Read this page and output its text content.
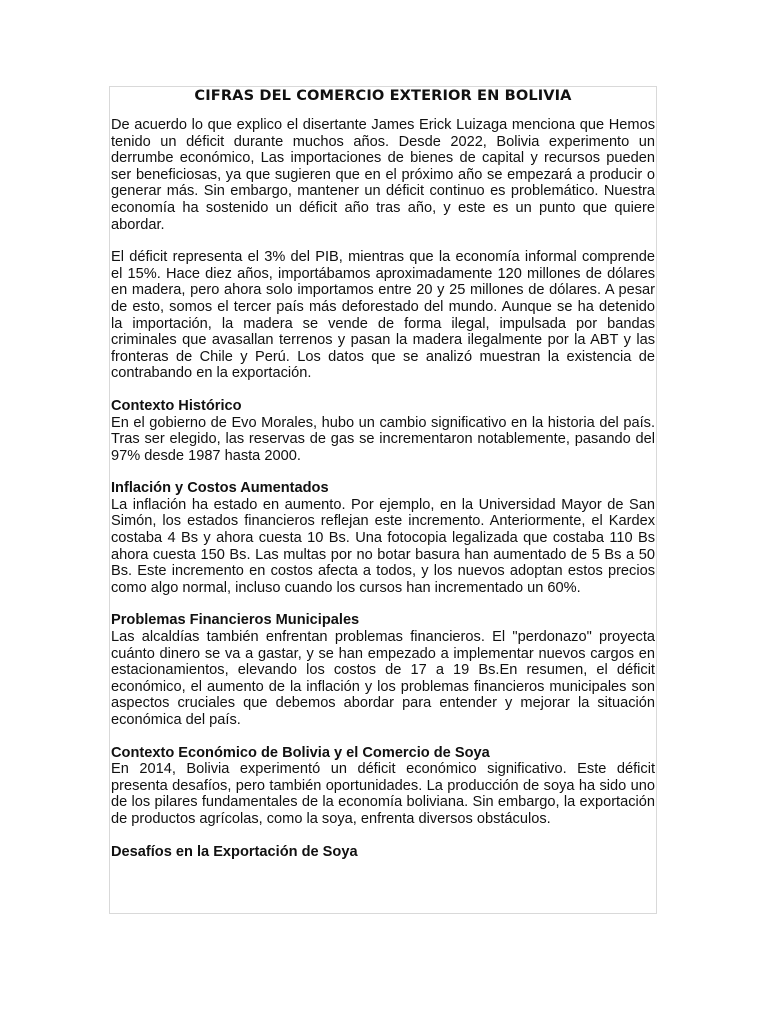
CIFRAS DEL COMERCIO EXTERIOR EN BOLIVIA

De acuerdo lo que explico el disertante James Erick Luizaga menciona que Hemos tenido un déficit durante muchos años. Desde 2022, Bolivia experimento un derrumbe económico, Las importaciones de bienes de capital y recursos pueden ser beneficiosas, ya que sugieren que en el próximo año se empezará a producir o generar más. Sin embargo, mantener un déficit continuo es problemático. Nuestra economía ha sostenido un déficit año tras año, y este es un punto que quiere abordar.

El déficit representa el 3% del PIB, mientras que la economía informal comprende el 15%. Hace diez años, importábamos aproximadamente 120 millones de dólares en madera, pero ahora solo importamos entre 20 y 25 millones de dólares. A pesar de esto, somos el tercer país más deforestado del mundo. Aunque se ha detenido la importación, la madera se vende de forma ilegal, impulsada por bandas criminales que avasallan terrenos y pasan la madera ilegalmente por la ABT y las fronteras de Chile y Perú. Los datos que se analizó muestran la existencia de contrabando en la exportación.

Contexto Histórico

En el gobierno de Evo Morales, hubo un cambio significativo en la historia del país. Tras ser elegido, las reservas de gas se incrementaron notablemente, pasando del 97% desde 1987 hasta 2000.

Inflación y Costos Aumentados

La inflación ha estado en aumento. Por ejemplo, en la Universidad Mayor de San Simón, los estados financieros reflejan este incremento. Anteriormente, el Kardex costaba 4 Bs y ahora cuesta 10 Bs. Una fotocopia legalizada que costaba 110 Bs ahora cuesta 150 Bs. Las multas por no botar basura han aumentado de 5 Bs a 50 Bs. Este incremento en costos afecta a todos, y los nuevos adoptan estos precios como algo normal, incluso cuando los cursos han incrementado un 60%.

Problemas Financieros Municipales

Las alcaldías también enfrentan problemas financieros. El "perdonazo" proyecta cuánto dinero se va a gastar, y se han empezado a implementar nuevos cargos en estacionamientos, elevando los costos de 17 a 19 Bs.En resumen, el déficit económico, el aumento de la inflación y los problemas financieros municipales son aspectos cruciales que debemos abordar para entender y mejorar la situación económica del país.

Contexto Económico de Bolivia y el Comercio de Soya

En 2014, Bolivia experimentó un déficit económico significativo. Este déficit presenta desafíos, pero también oportunidades. La producción de soya ha sido uno de los pilares fundamentales de la economía boliviana. Sin embargo, la exportación de productos agrícolas, como la soya, enfrenta diversos obstáculos.

Desafíos en la Exportación de Soya
